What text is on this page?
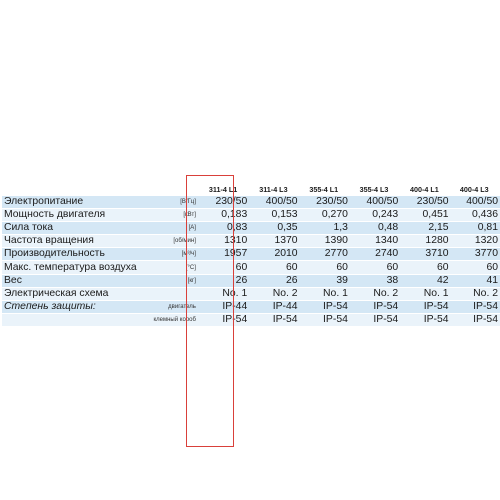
		311-4 L1	311-4 L3	355-4 L1	355-4 L3	400-4 L1	400-4 L3
Электропитание	[В/Гц]	230/50	400/50	230/50	400/50	230/50	400/50
Мощность двигателя	[кВт]	0,183	0,153	0,270	0,243	0,451	0,436
Сила тока	[A]	0,83	0,35	1,3	0,48	2,15	0,81
Частота вращения	[об/мин]	1310	1370	1390	1340	1280	1320
Производительность	[м³/ч]	1957	2010	2770	2740	3710	3770
Макс. температура воздуха	[°С]	60	60	60	60	60	60
Вес	[кг]	26	26	39	38	42	41
Электрическая схема		No. 1	No. 2	No. 1	No. 2	No. 1	No. 2
Степень защиты:	двигатель	IP-44	IP-44	IP-54	IP-54	IP-54	IP-54
	клемный короб	IP-54	IP-54	IP-54	IP-54	IP-54	IP-54
